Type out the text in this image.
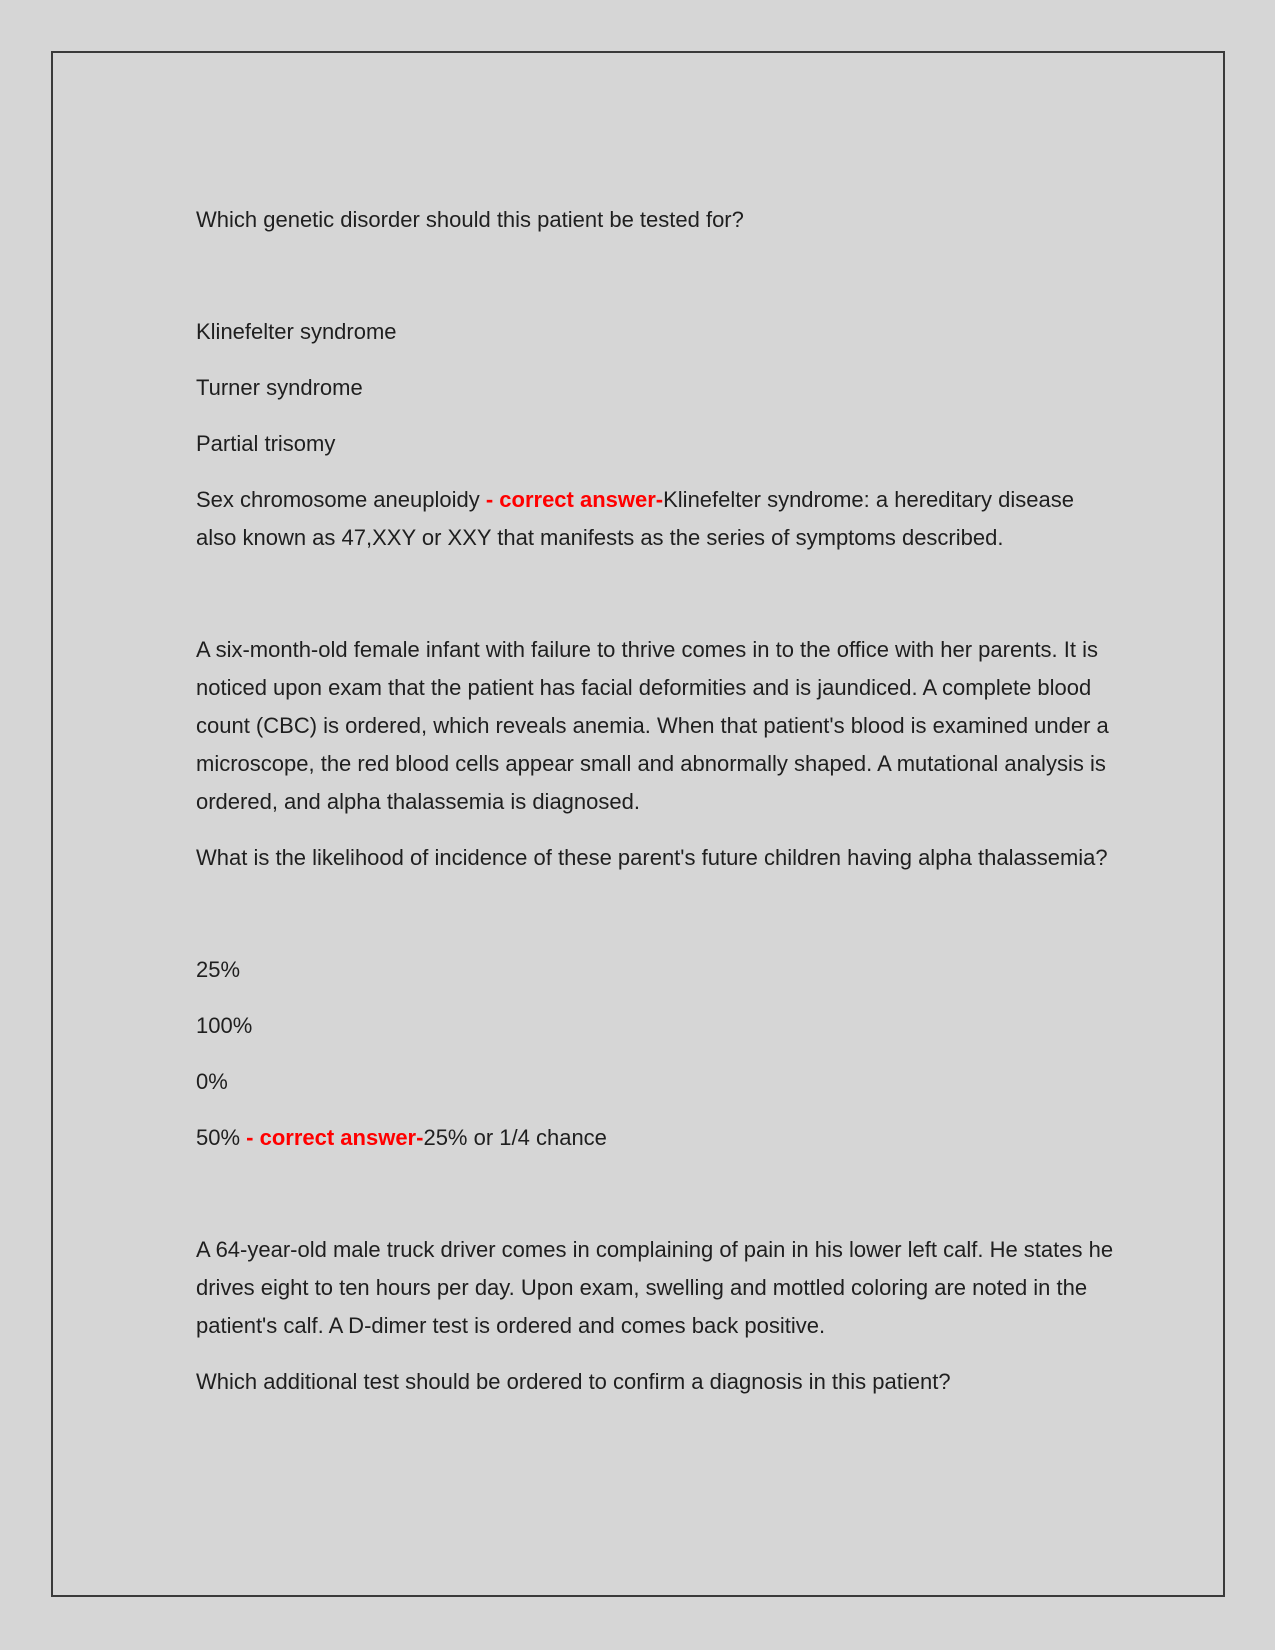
Which genetic disorder should this patient be tested for?

Klinefelter syndrome

Turner syndrome

Partial trisomy

Sex chromosome aneuploidy - correct answer-Klinefelter syndrome: a hereditary disease also known as 47,XXY or XXY that manifests as the series of symptoms described.

A six-month-old female infant with failure to thrive comes in to the office with her parents. It is noticed upon exam that the patient has facial deformities and is jaundiced. A complete blood count (CBC) is ordered, which reveals anemia. When that patient's blood is examined under a microscope, the red blood cells appear small and abnormally shaped. A mutational analysis is ordered, and alpha thalassemia is diagnosed.

What is the likelihood of incidence of these parent's future children having alpha thalassemia?

25%

100%

0%

50% - correct answer-25% or 1/4 chance

A 64-year-old male truck driver comes in complaining of pain in his lower left calf. He states he drives eight to ten hours per day. Upon exam, swelling and mottled coloring are noted in the patient's calf. A D-dimer test is ordered and comes back positive.

Which additional test should be ordered to confirm a diagnosis in this patient?
